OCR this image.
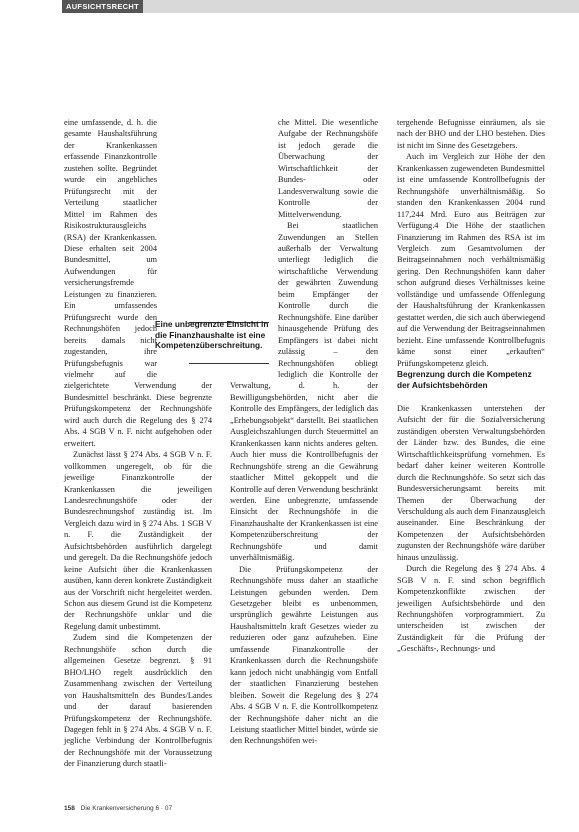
AUFSICHTSRECHT

eine umfassende, d. h. die gesamte Haushaltsführung der Krankenkassen erfassende Finanzkontrolle zustehen sollte. Begründet wurde ein angebliches Prüfungsrecht mit der Verteilung staatlicher Mittel im Rahmen des Risikostrukturausgleichs (RSA) der Krankenkassen. Diese erhalten seit 2004 Bundesmittel, um Aufwendungen für versicherungsfremde Leistungen zu finanzieren. Ein umfassendes Prüfungsrecht wurde den Rechnungshöfen jedoch bereits damals nicht zugestanden, ihre Prüfungsbefugnis war vielmehr auf die zielgerichtete Verwendung der Bundesmittel beschränkt. Diese begrenzte Prüfungskompetenz der Rechnungshöfe wird auch durch die Regelung des § 274 Abs. 4 SGB V n. F. nicht aufgehoben oder erweitert.

Zunächst lässt § 274 Abs. 4 SGB V n. F. vollkommen ungeregelt, ob für die jeweilige Finanzkontrolle der Krankenkassen die jeweiligen Landesrechnungshöfe oder der Bundesrechnungshof zuständig ist. Im Vergleich dazu wird in § 274 Abs. 1 SGB V n. F. die Zuständigkeit der Aufsichtsbehörden ausführlich dargelegt und geregelt. Da die Rechnungshöfe jedoch keine Aufsicht über die Krankenkassen ausüben, kann deren konkrete Zuständigkeit aus der Vorschrift nicht hergeleitet werden. Schon aus diesem Grund ist die Kompetenz der Rechnungshöfe unklar und die Regelung damit unbestimmt.

Zudem sind die Kompetenzen der Rechnungshöfe schon durch die allgemeinen Gesetze begrenzt. § 91 BHO/LHO regelt ausdrücklich den Zusammenhang zwischen der Verteilung von Haushaltsmitteln des Bundes/Landes und der darauf basierenden Prüfungskompetenz der Rechnungshöfe. Dagegen fehlt in § 274 Abs. 4 SGB V n. F. jegliche Verbindung der Kontrollbefugnis der Rechnungshöfe mit der Voraussetzung der Finanzierung durch staatli-

che Mittel. Die wesentliche Aufgabe der Rechnungshöfe ist jedoch gerade die Überwachung der Wirtschaftlichkeit der Bundes- oder Landesverwaltung sowie die Kontrolle der Mittelverwendung.

Bei staatlichen Zuwendungen an Stellen außerhalb der Verwaltung unterliegt lediglich die wirtschaftliche Verwendung der gewährten Zuwendung beim Empfänger der Kontrolle durch die Rechnungshöfe. Eine darüber hinausgehende Prüfung des Empfängers ist dabei nicht zulässig – den Rechnungshöfen obliegt lediglich die Kontrolle der Verwaltung, d. h. der Bewilligungsbehörden, nicht aber die Kontrolle des Empfängers, der lediglich das „Erhebungsobjekt“ darstellt. Bei staatlichen Ausgleichszahlungen durch Steuermittel an Krankenkassen kann nichts anderes gelten. Auch hier muss die Kontrollbefugnis der Rechnungshöfe streng an die Gewährung staatlicher Mittel gekoppelt und die Kontrolle auf deren Verwendung beschränkt werden. Eine unbegrenzte, umfassende Einsicht der Rechnungshöfe in die Finanzhaushalte der Krankenkassen ist eine Kompetenzüberschreitung der Rechnungshöfe und damit unverhältnismäßig.

Die Prüfungskompetenz der Rechnungshöfe muss daher an staatliche Leistungen gebunden werden. Dem Gesetzgeber bleibt es unbenommen, ursprünglich gewährte Leistungen aus Haushaltsmitteln kraft Gesetzes wieder zu reduzieren oder ganz aufzuheben. Eine umfassende Finanzkontrolle der Krankenkassen durch die Rechnungshöfe kann jedoch nicht unabhängig vom Entfall der staatlichen Finanzierung bestehen bleiben. Soweit die Regelung des § 274 Abs. 4 SGB V n. F. die Kontrollkompetenz der Rechnungshöfe daher nicht an die Leistung staatlicher Mittel bindet, würde sie den Rechnungshöfen wei-

tergehende Befugnisse einräumen, als sie nach der BHO und der LHO bestehen. Dies ist nicht im Sinne des Gesetzgebers.

Auch im Vergleich zur Höhe der den Krankenkassen zugewendeten Bundesmittel ist eine umfassende Kontrollbefugnis der Rechnungshöfe unverhältnismäßig. So standen den Krankenkassen 2004 rund 117,244 Mrd. Euro aus Beiträgen zur Verfügung.4 Die Höhe der staatlichen Finanzierung im Rahmen des RSA ist im Vergleich zum Gesamtvolumen der Beitragseinnahmen noch verhältnismäßig gering. Den Rechnungshöfen kann daher schon aufgrund dieses Verhältnisses keine vollständige und umfassende Offenlegung der Haushaltsführung der Krankenkassen gestattet werden, die sich auch überwiegend auf die Verwendung der Beitragseinnahmen bezieht. Eine umfassende Kontrollbefugnis käme sonst einer „erkauften“ Prüfungskompetenz gleich.

Begrenzung durch die Kompetenz der Aufsichtsbehörden

Die Krankenkassen unterstehen der Aufsicht der für die Sozialversicherung zuständigen obersten Verwaltungsbehörden der Länder bzw. des Bundes, die eine Wirtschaftlichkeitsprüfung vornehmen. Es bedarf daher keiner weiteren Kontrolle durch die Rechnungshöfe. So setzt sich das Bundesversicherungsamt bereits mit Themen der Überwachung der Verschuldung als auch dem Finanzausgleich auseinander. Eine Beschränkung der Kompetenzen der Aufsichtsbehörden zugunsten der Rechnungshöfe wäre darüber hinaus unzulässig.

Durch die Regelung des § 274 Abs. 4 SGB V n. F. sind schon begrifflich Kompetenzkonflikte zwischen der jeweiligen Aufsichtsbehörde und den Rechnungshöfen vorprogrammiert. Zu unterscheiden ist zwischen der Zuständigkeit für die Prüfung der „Geschäfts-, Rechnungs- und

Eine unbegrenzte Einsicht in die Finanzhaushalte ist eine Kompetenzüberschreitung.
158 Die Krankenversicherung 6 · 07
